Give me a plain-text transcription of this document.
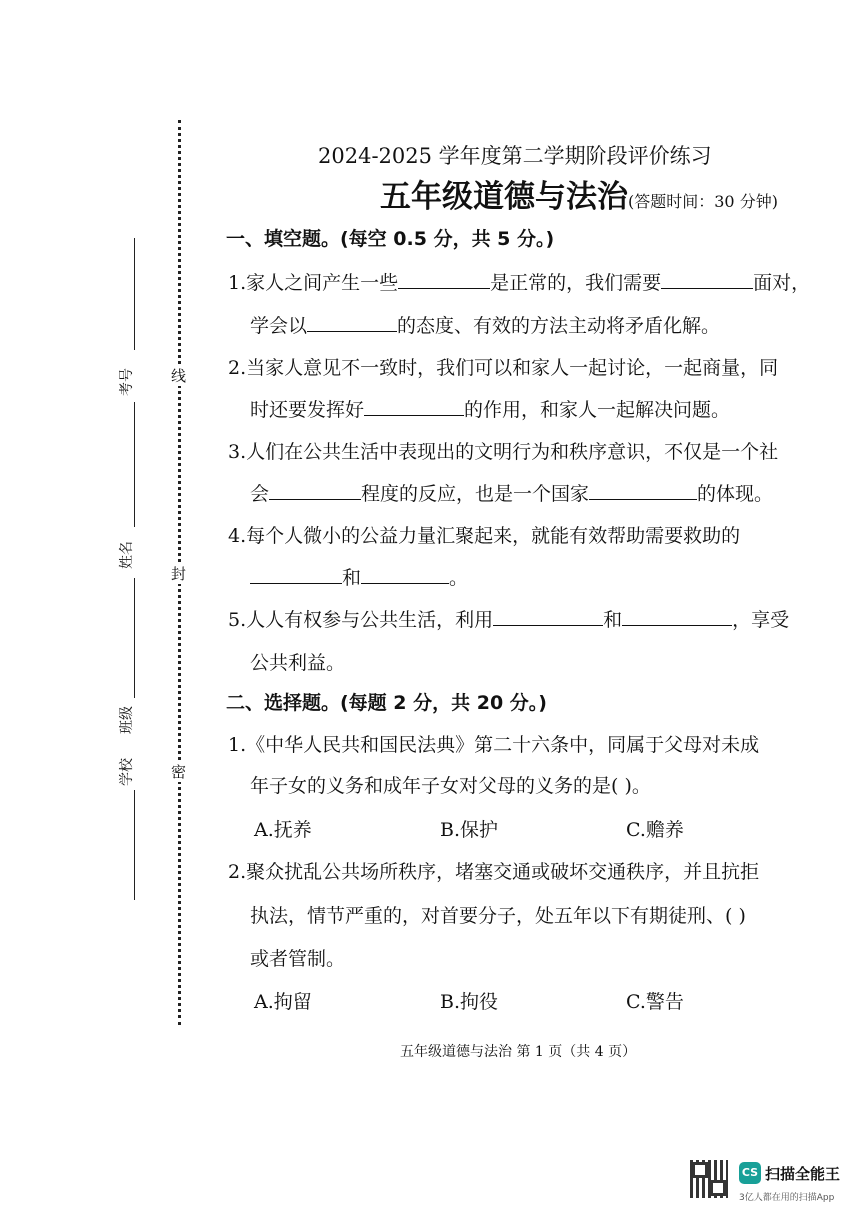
线
封
密
考号
姓名
班级
学校
2024-2025 学年度第二学期阶段评价练习
五年级道德与法治(答题时间：30 分钟)
一、填空题。(每空 0.5 分，共 5 分。)
1.家人之间产生一些	是正常的，我们需要	面对，
学会以	的态度、有效的方法主动将矛盾化解。
2.当家人意见不一致时，我们可以和家人一起讨论，一起商量，同
时还要发挥好	的作用，和家人一起解决问题。
3.人们在公共生活中表现出的文明行为和秩序意识，不仅是一个社
会	程度的反应，也是一个国家	的体现。
4.每个人微小的公益力量汇聚起来，就能有效帮助需要救助的
和	。
5.人人有权参与公共生活，利用	和	，享受
公共利益。
二、选择题。(每题 2 分，共 20 分。)
1.《中华人民共和国民法典》第二十六条中，同属于父母对未成
年子女的义务和成年子女对父母的义务的是( )。
A.抚养	B.保护	C.赡养
2.聚众扰乱公共场所秩序，堵塞交通或破坏交通秩序，并且抗拒
执法，情节严重的，对首要分子，处五年以下有期徒刑、( )
或者管制。
A.拘留	B.拘役	C.警告
五年级道德与法治 第 1 页（共 4 页）
CS 扫描全能王
3亿人都在用的扫描App
